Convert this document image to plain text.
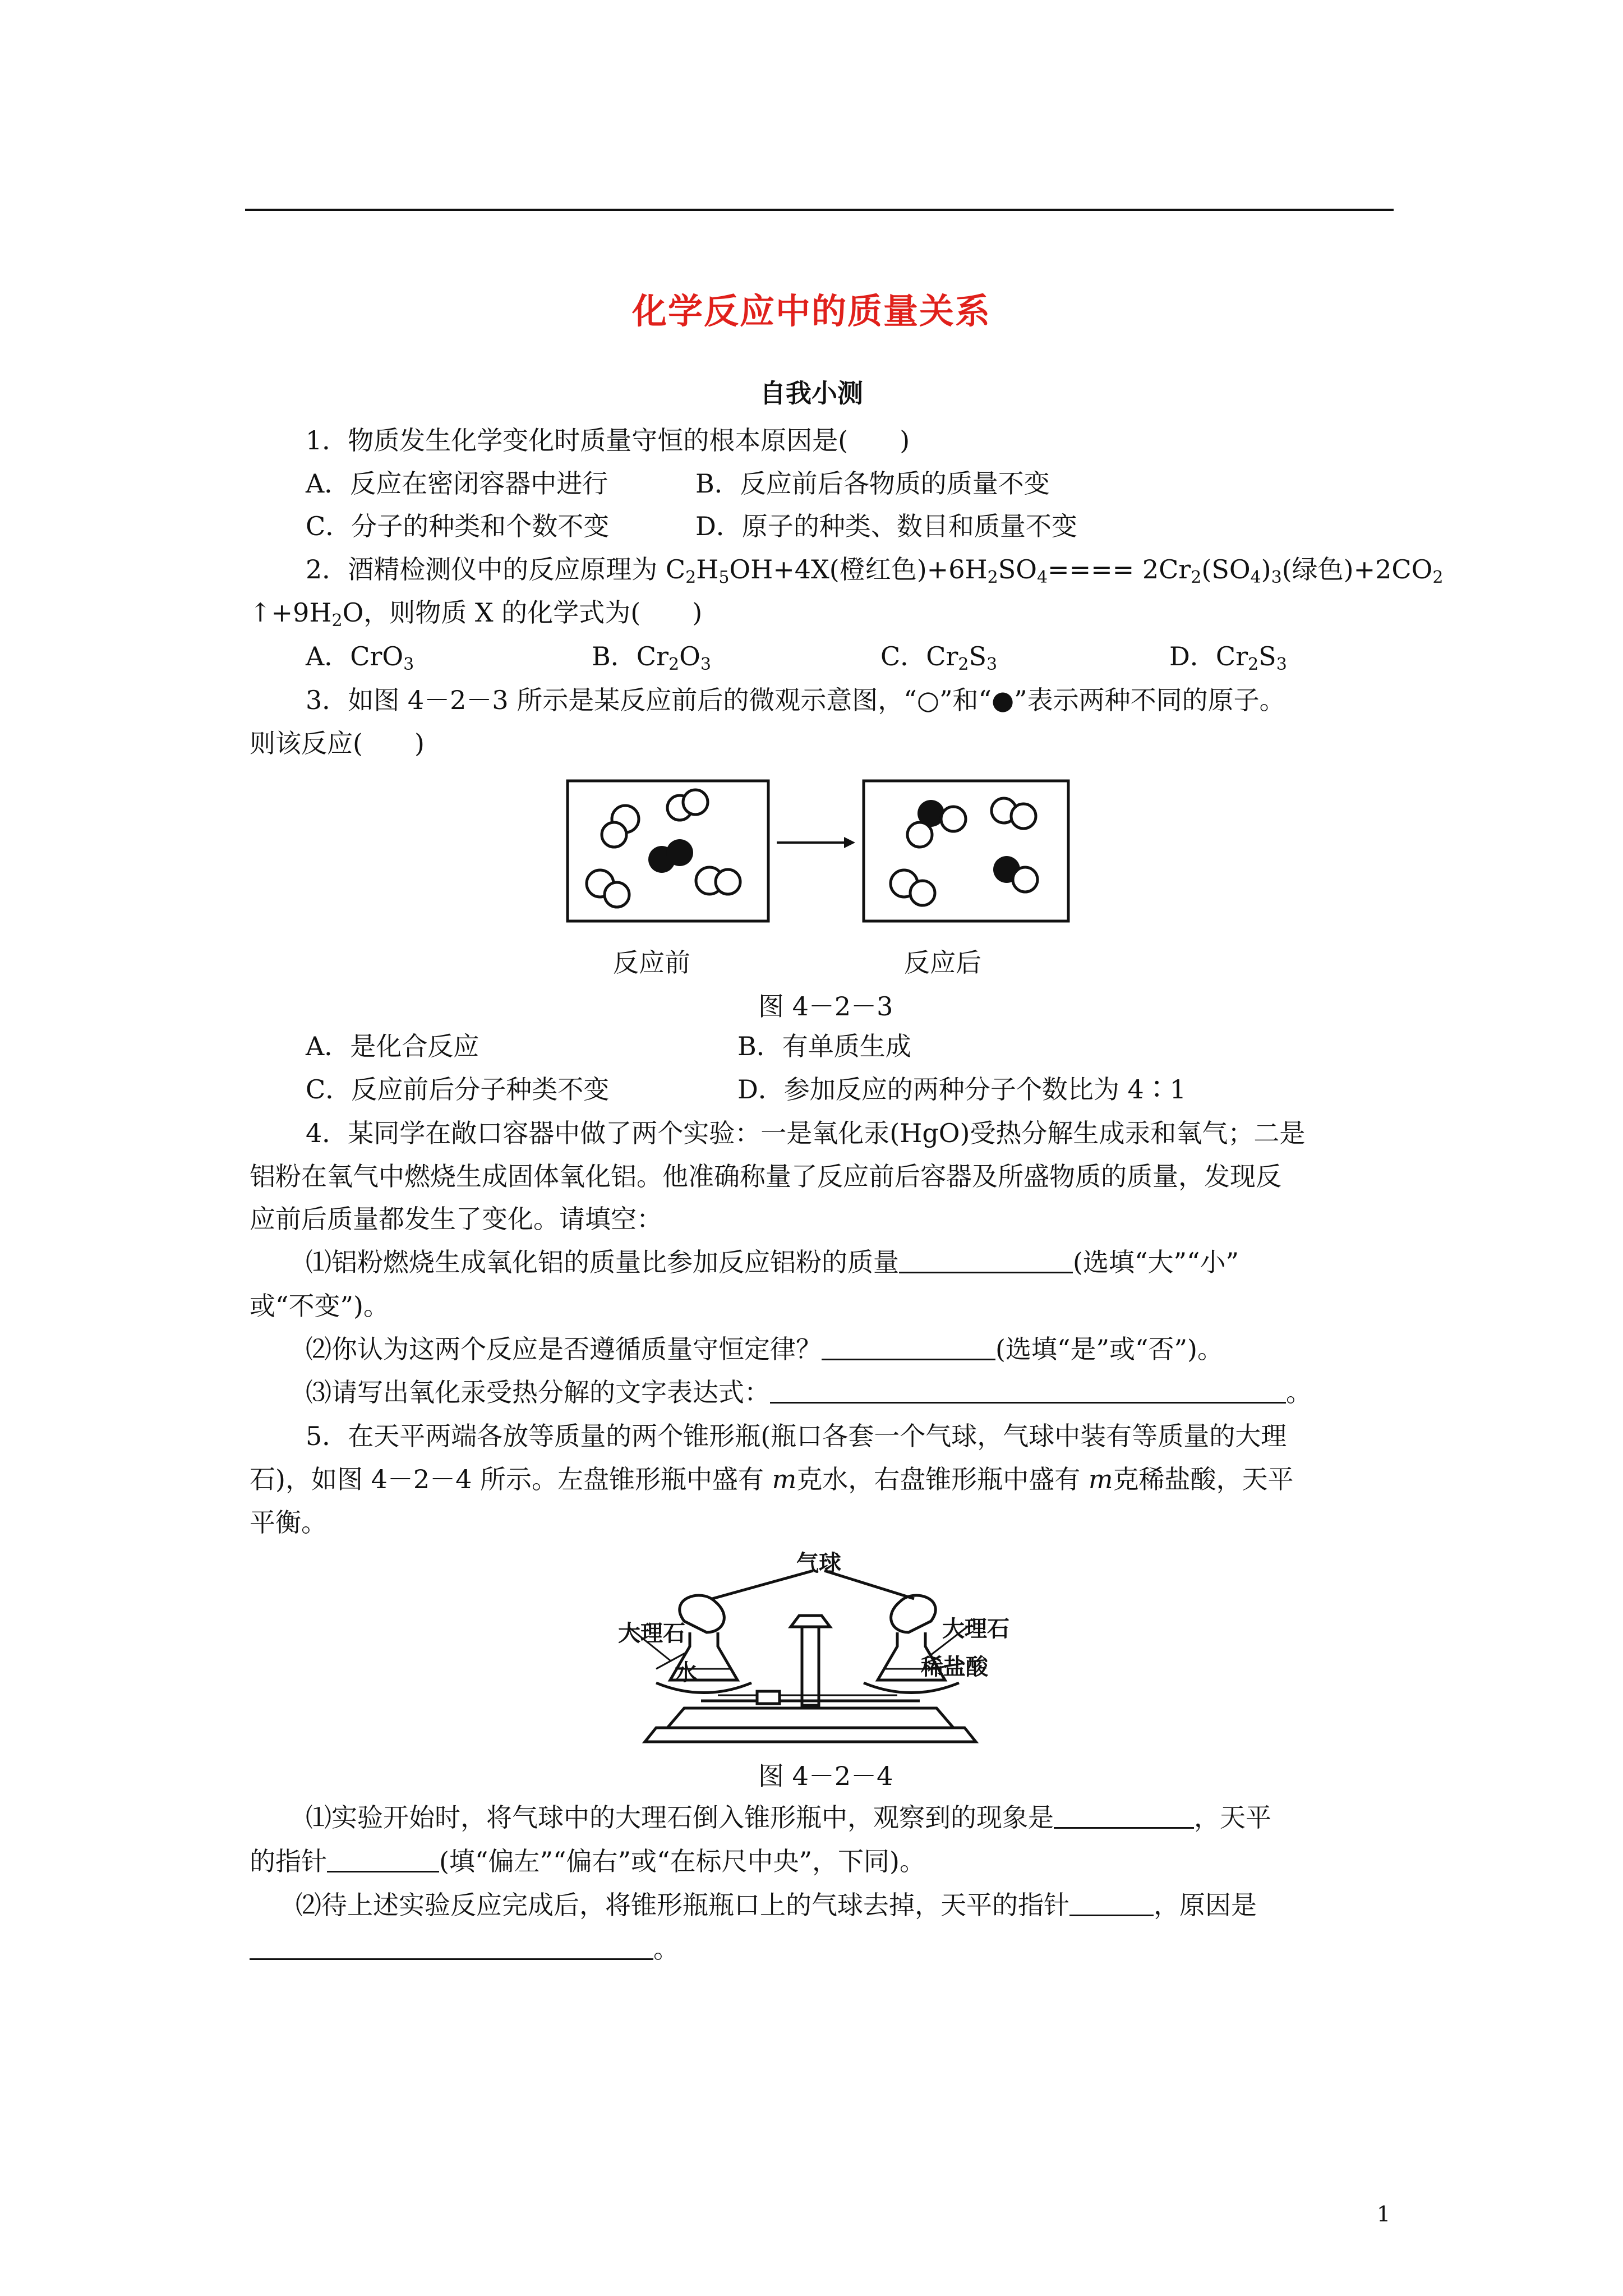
化学反应中的质量关系
自我小测
1．物质发生化学变化时质量守恒的根本原因是(　　)
A．反应在密闭容器中进行	B．反应前后各物质的质量不变
C．分子的种类和个数不变	D．原子的种类、数目和质量不变
2．酒精检测仪中的反应原理为 $C_2H_5OH+4X$(橙红色)$+6H_2SO_4==== 2Cr_2(SO_4)_3$(绿色)$+2CO_2$
$↑+9H_2O$，则物质 X 的化学式为(　　)
A．CrO$_3$	B．$Cr_2O_3$	C．$Cr_2S_3$	D．$Cr_2S_3$
3．如图 4－2－3 所示是某反应前后的微观示意图，“○”和“●”表示两种不同的原子。
则该反应(　　)
反应前	反应后
图 4－2－3
A．是化合反应	B．有单质生成
C．反应前后分子种类不变	D．参加反应的两种分子个数比为 4∶1
4．某同学在敞口容器中做了两个实验：一是氧化汞(HgO)受热分解生成汞和氧气；二是
铝粉在氧气中燃烧生成固体氧化铝。他准确称量了反应前后容器及所盛物质的质量，发现反
应前后质量都发生了变化。请填空：
⑴铝粉燃烧生成氧化铝的质量比参加反应铝粉的质量	(选填“大”“小”
或“不变”)。
⑵你认为这两个反应是否遵循质量守恒定律？	(选填“是”或“否”)。
⑶请写出氧化汞受热分解的文字表达式：	。
5．在天平两端各放等质量的两个锥形瓶(瓶口各套一个气球，气球中装有等质量的大理
石)，如图 4－2－4 所示。左盘锥形瓶中盛有 m克水，右盘锥形瓶中盛有 m克稀盐酸，天平
平衡。
气球
大理石	大理石
水	稀盐酸
图 4－2－4
⑴实验开始时，将气球中的大理石倒入锥形瓶中，观察到的现象是	，天平
的指针	(填“偏左”“偏右”或“在标尺中央”，下同)。
⑵待上述实验反应完成后，将锥形瓶瓶口上的气球去掉，天平的指针	，原因是
。
1
